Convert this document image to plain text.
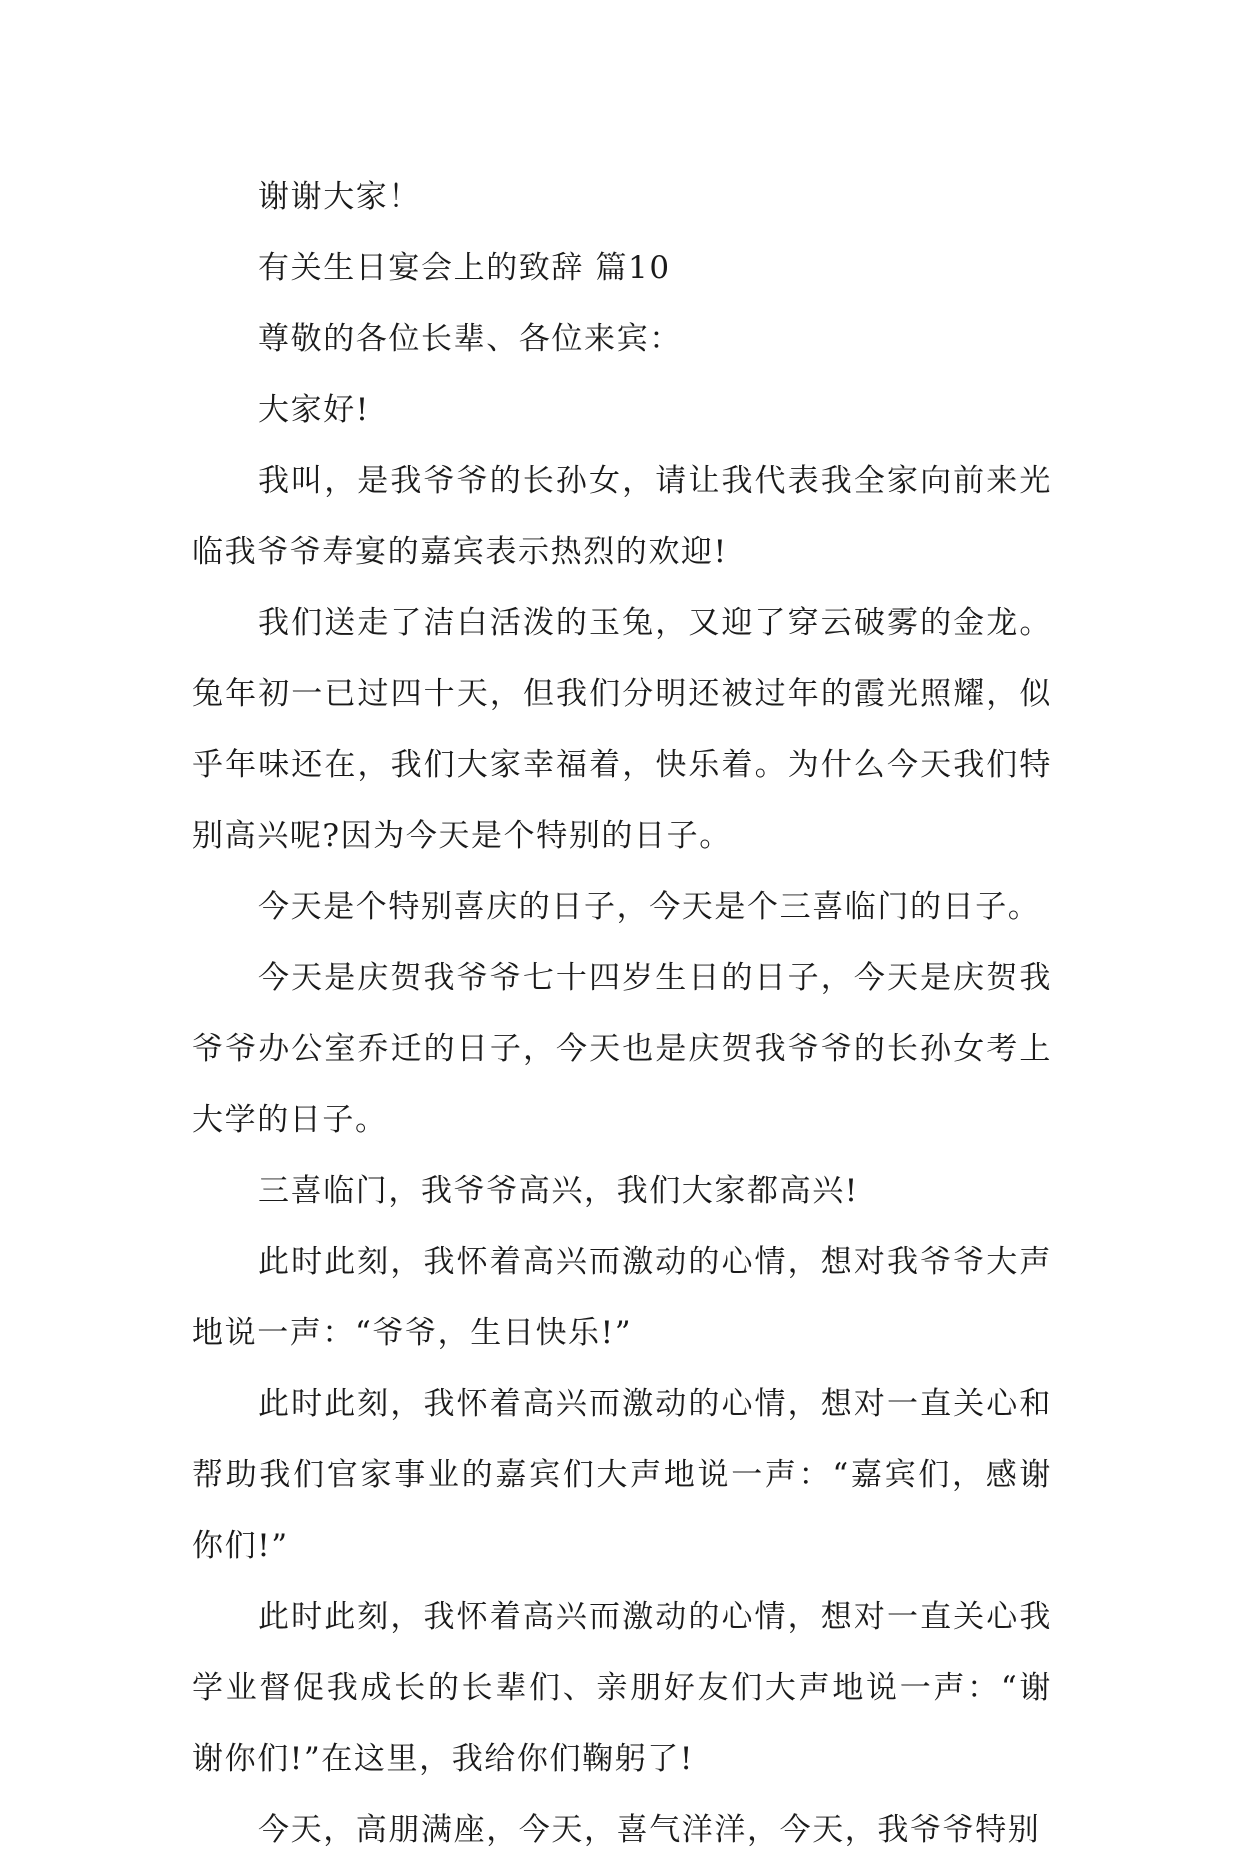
谢谢大家！

有关生日宴会上的致辞 篇10

尊敬的各位长辈、各位来宾：

大家好!

我叫，是我爷爷的长孙女，请让我代表我全家向前来光临我爷爷寿宴的嘉宾表示热烈的欢迎!

我们送走了洁白活泼的玉兔，又迎了穿云破雾的金龙。兔年初一已过四十天，但我们分明还被过年的霞光照耀，似乎年味还在，我们大家幸福着，快乐着。为什么今天我们特别高兴呢?因为今天是个特别的日子。

今天是个特别喜庆的日子，今天是个三喜临门的日子。

今天是庆贺我爷爷七十四岁生日的日子，今天是庆贺我爷爷办公室乔迁的日子，今天也是庆贺我爷爷的长孙女考上大学的日子。

三喜临门，我爷爷高兴，我们大家都高兴!

此时此刻，我怀着高兴而激动的心情，想对我爷爷大声地说一声：“爷爷，生日快乐!”

此时此刻，我怀着高兴而激动的心情，想对一直关心和帮助我们官家事业的嘉宾们大声地说一声：“嘉宾们，感谢你们!”

此时此刻，我怀着高兴而激动的心情，想对一直关心我学业督促我成长的长辈们、亲朋好友们大声地说一声：“谢谢你们!”在这里，我给你们鞠躬了!

今天，高朋满座，今天，喜气洋洋，今天，我爷爷特别
